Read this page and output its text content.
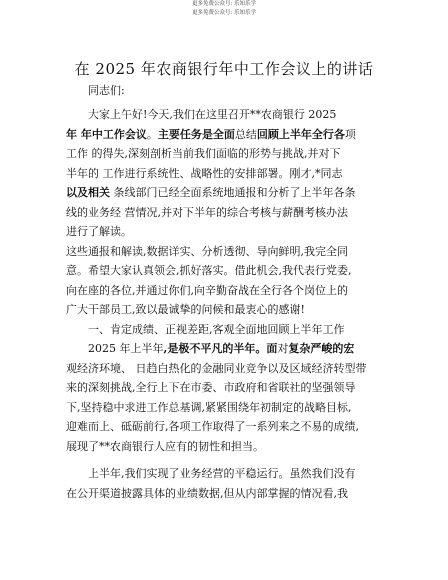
更多免费公众号: 乐知乐学
更多免费公众号: 乐知乐学
在 2025 年农商银行年中工作会议上的讲话
同志们:
大家上午好!今天,我们在这里召开**农商银行 2025
年 年中工作会议。主要任务是全面总结回顾上半年全行各项
工作 的得失,深刻剖析当前我们面临的形势与挑战,并对下
半年的 工作进行系统性、战略性的安排部署。刚才,*同志
以及相关 条线部门已经全面系统地通报和分析了上半年各条
线的业务经 营情况,并对下半年的综合考核与薪酬考核办法
进行了解读。
这些通报和解读,数据详实、分析透彻、导向鲜明,我完全同
意。希望大家认真领会,抓好落实。借此机会,我代表行党委,
向在座的各位,并通过你们,向辛勤奋战在全行各个岗位上的
广大干部员工,致以最诚挚的问候和最衷心的感谢!
一、肯定成绩、正视差距,客观全面地回顾上半年工作
2025 年上半年,是极不平凡的半年。面对复杂严峻的宏
观经济环境、 日趋白热化的金融同业竞争以及区域经济转型带
来的深刻挑战,全行上下在市委、市政府和省联社的坚强领导
下,坚持稳中求进工作总基调,紧紧围绕年初制定的战略目标,
迎难而上、砥砺前行,各项工作取得了一系列来之不易的成绩,
展现了**农商银行人应有的韧性和担当。

上半年,我们实现了业务经营的平稳运行。虽然我们没有
在公开渠道披露具体的业绩数据,但从内部掌握的情况看,我
